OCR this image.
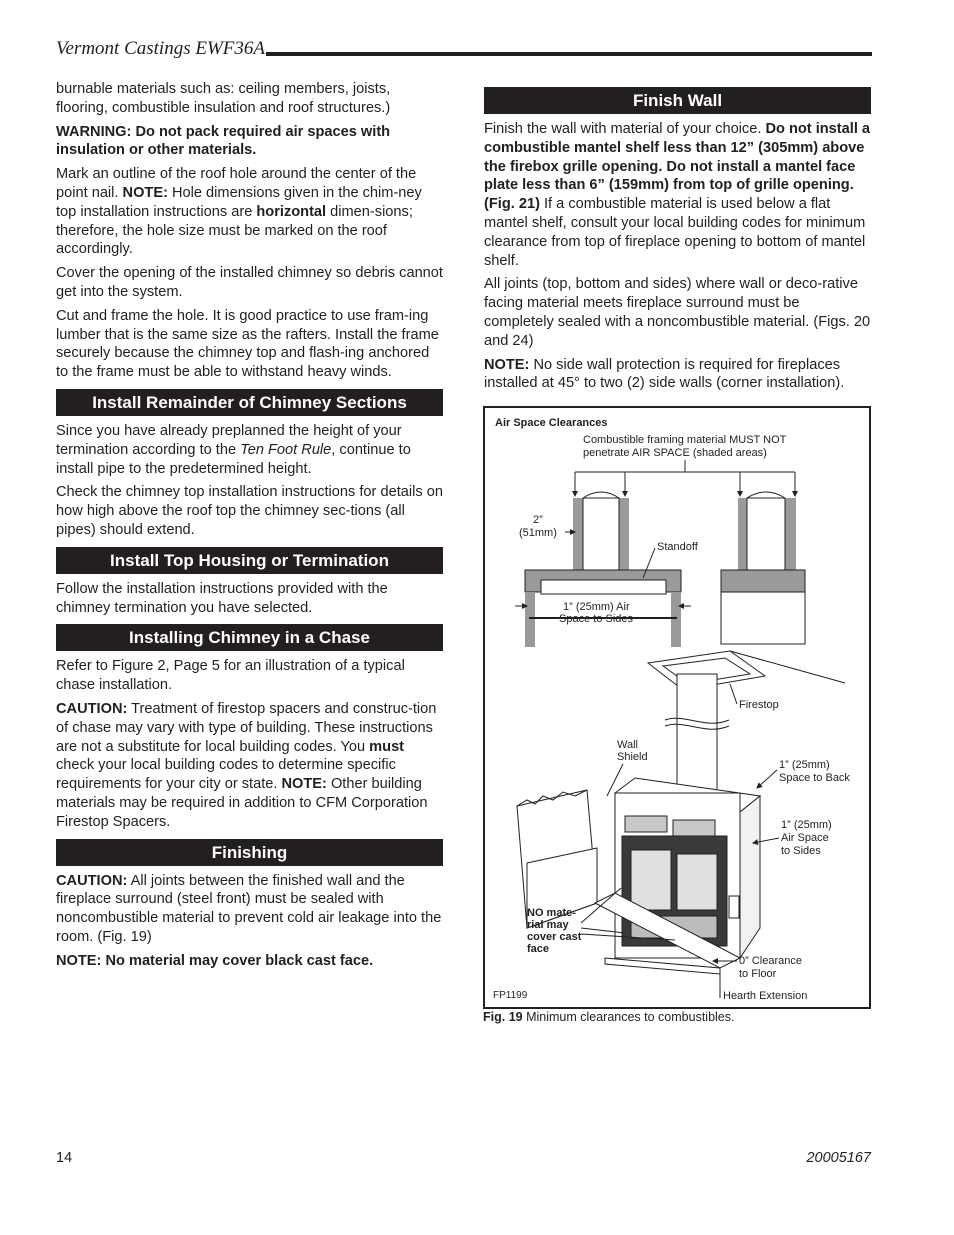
Vermont Castings EWF36A

burnable materials such as: ceiling members, joists, flooring, combustible insulation and roof structures.)

WARNING: Do not pack required air spaces with insulation or other materials.

Mark an outline of the roof hole around the center of the point nail. NOTE: Hole dimensions given in the chim-ney top installation instructions are horizontal dimen-sions; therefore, the hole size must be marked on the roof accordingly.

Cover the opening of the installed chimney so debris cannot get into the system.

Cut and frame the hole. It is good practice to use fram-ing lumber that is the same size as the rafters. Install the frame securely because the chimney top and flash-ing anchored to the frame must be able to withstand heavy winds.

Install Remainder of Chimney Sections

Since you have already preplanned the height of your termination according to the Ten Foot Rule, continue to install pipe to the predetermined height.

Check the chimney top installation instructions for details on how high above the roof top the chimney sec-tions (all pipes) should extend.

Install Top Housing or Termination

Follow the installation instructions provided with the chimney termination you have selected.

Installing Chimney in a Chase

Refer to Figure 2, Page 5 for an illustration of a typical chase installation.

CAUTION: Treatment of firestop spacers and construc-tion of chase may vary with type of building. These instructions are not a substitute for local building codes. You must check your local building codes to determine specific requirements for your city or state. NOTE: Other building materials may be required in addition to CFM Corporation Firestop Spacers.

Finishing

CAUTION: All joints between the finished wall and the fireplace surround (steel front) must be sealed with noncombustible material to prevent cold air leakage into the room. (Fig. 19)

NOTE: No material may cover black cast face.

Finish Wall

Finish the wall with material of your choice. Do not install a combustible mantel shelf less than 12” (305mm) above the firebox grille opening. Do not install a mantel face plate less than 6” (159mm) from top of grille opening. (Fig. 21) If a combustible material is used below a flat mantel shelf, consult your local building codes for minimum clearance from top of fireplace opening to bottom of mantel shelf.

All joints (top, bottom and sides) where wall or deco-rative facing material meets fireplace surround must be completely sealed with a noncombustible material. (Figs. 20 and 24)

NOTE: No side wall protection is required for fireplaces installed at 45° to two (2) side walls (corner installation).

Air Space Clearances
Combustible framing material MUST NOT
penetrate AIR SPACE (shaded areas)
2”
(51mm)
Standoff
1” (25mm) Air
Space to Sides
Firestop
Wall
Shield
1” (25mm)
Space to Back
1” (25mm)
Air Space
to Sides
NO mate-
rial may
cover cast
face
0” Clearance
to Floor
FP1199	Hearth Extension
Fig. 19 Minimum clearances to combustibles.
14	20005167
